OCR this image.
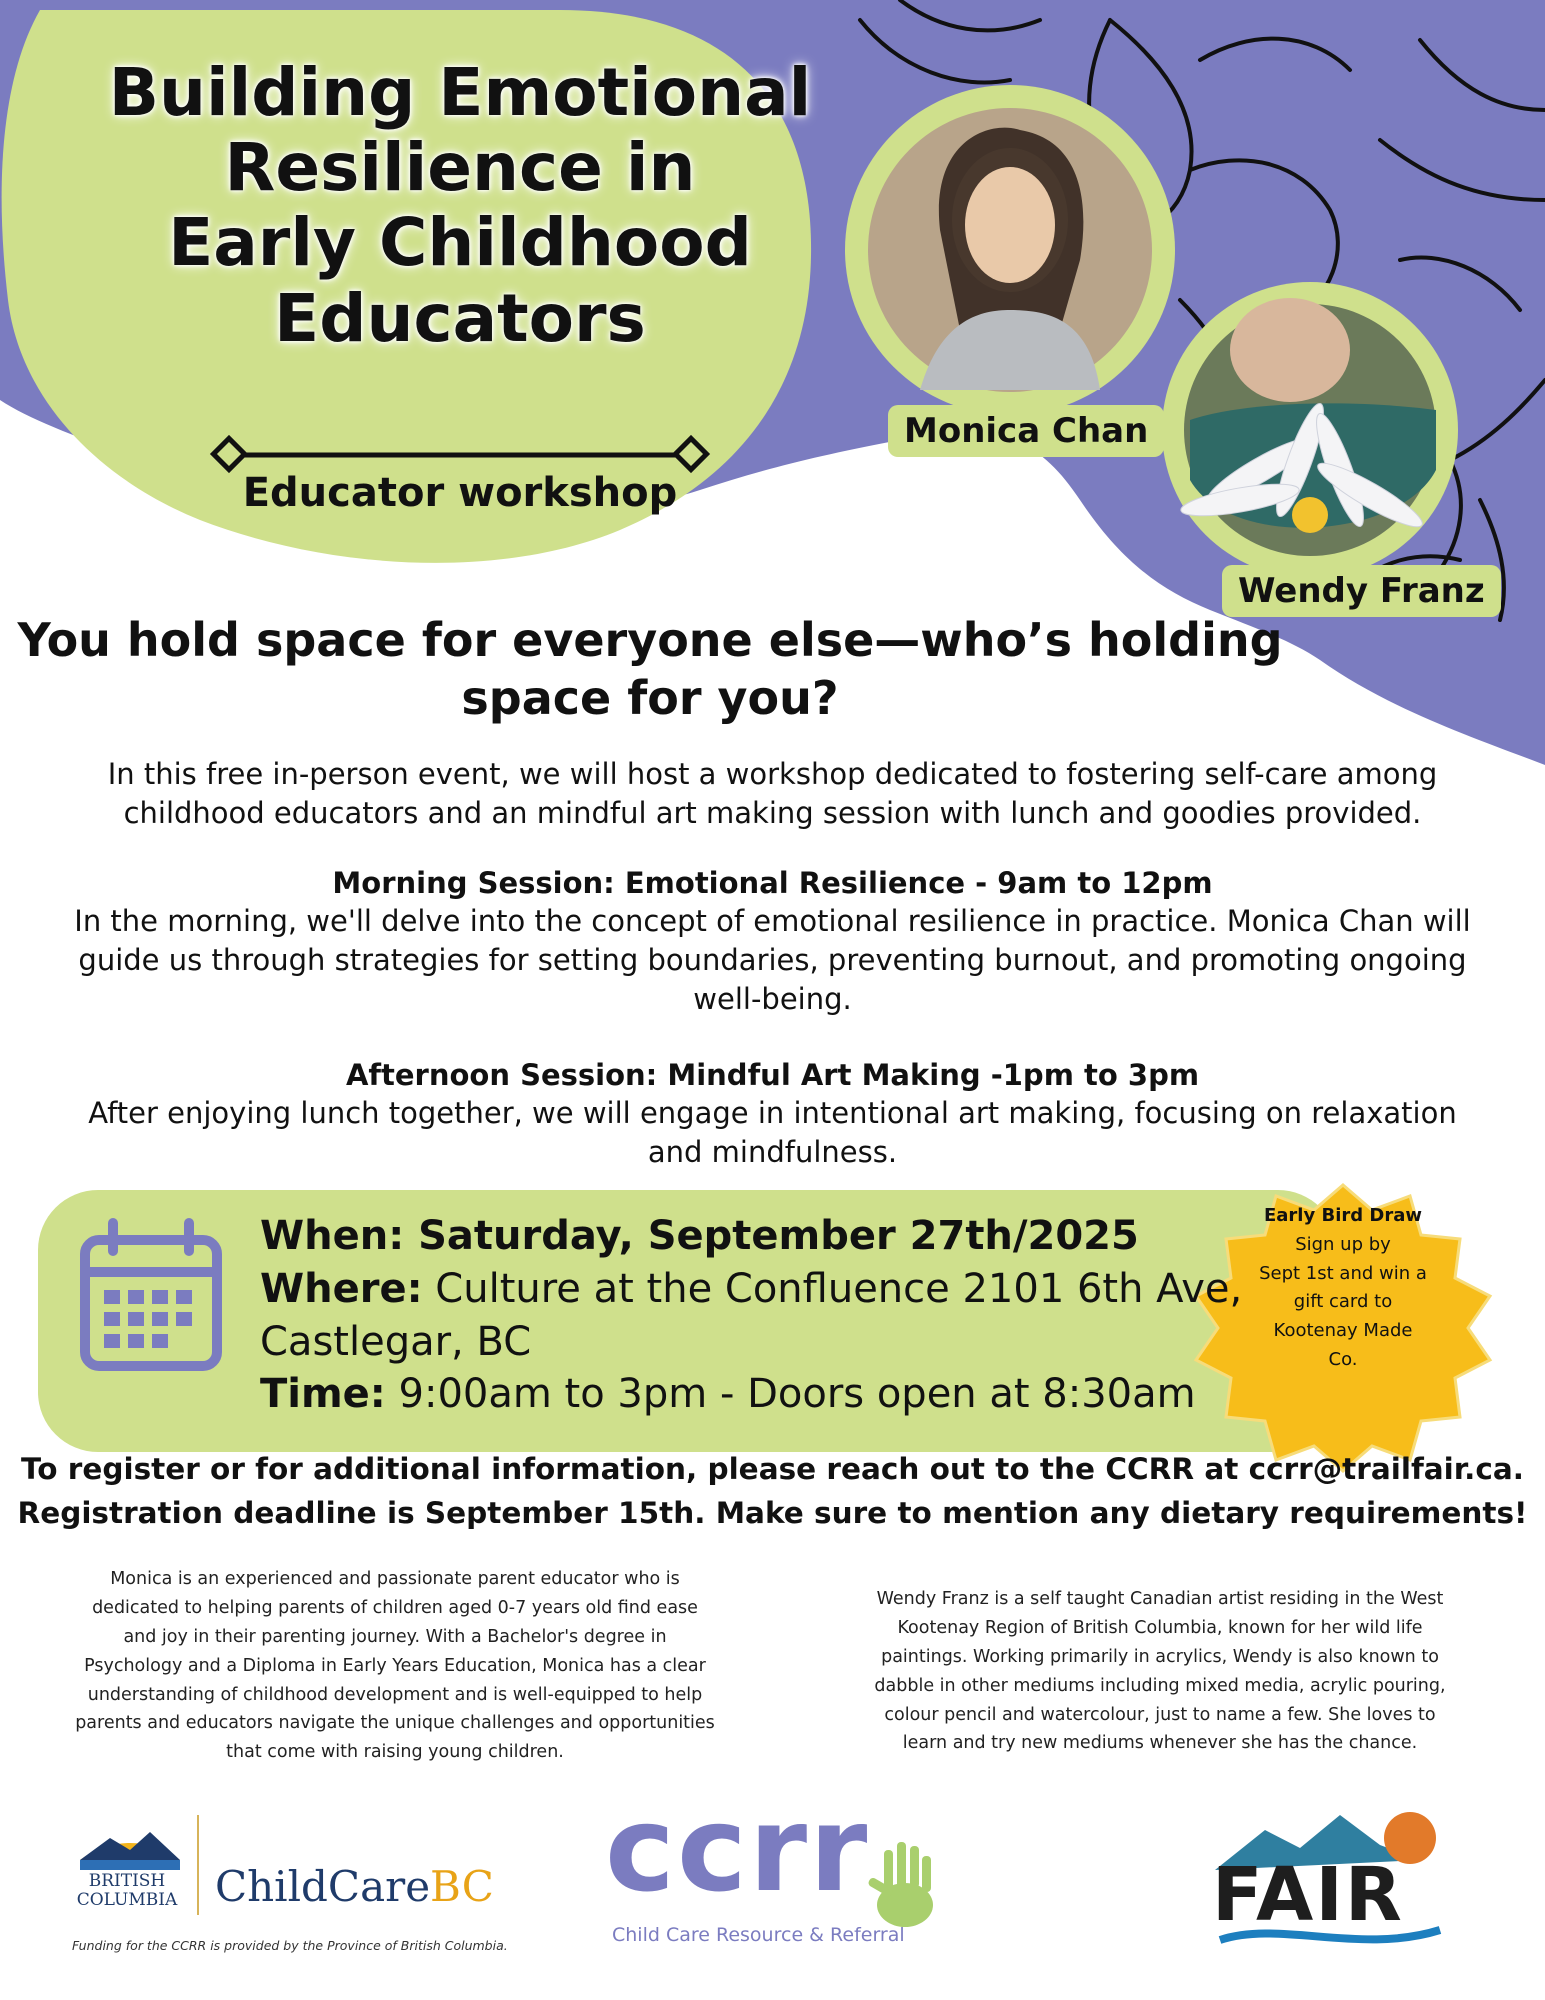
Building Emotional
Resilience in
Early Childhood
Educators
Educator workshop
Monica Chan
Wendy Franz
You hold space for everyone else—who’s holding
space for you?
In this free in-person event, we will host a workshop dedicated to fostering self-care among
childhood educators and an mindful art making session with lunch and goodies provided.
Morning Session: Emotional Resilience - 9am to 12pm
In the morning, we'll delve into the concept of emotional resilience in practice. Monica Chan will
guide us through strategies for setting boundaries, preventing burnout, and promoting ongoing
well-being.
Afternoon Session: Mindful Art Making -1pm to 3pm
After enjoying lunch together, we will engage in intentional art making, focusing on relaxation
and mindfulness.
When: Saturday, September 27th/2025
Where: Culture at the Confluence 2101 6th Ave,
Castlegar, BC
Time: 9:00am to 3pm - Doors open at 8:30am
Early Bird Draw
Sign up by
Sept 1st and win a
gift card to
Kootenay Made
Co.
To register or for additional information, please reach out to the CCRR at ccrr@trailfair.ca.
Registration deadline is September 15th. Make sure to mention any dietary requirements!
Monica is an experienced and passionate parent educator who is
dedicated to helping parents of children aged 0-7 years old find ease
and joy in their parenting journey. With a Bachelor's degree in
Psychology and a Diploma in Early Years Education, Monica has a clear
understanding of childhood development and is well-equipped to help
parents and educators navigate the unique challenges and opportunities
that come with raising young children.
Wendy Franz is a self taught Canadian artist residing in the West
Kootenay Region of British Columbia, known for her wild life
paintings. Working primarily in acrylics, Wendy is also known to
dabble in other mediums including mixed media, acrylic pouring,
colour pencil and watercolour, just to name a few. She loves to
learn and try new mediums whenever she has the chance.
BRITISH
COLUMBIA ChildCareBC
Funding for the CCRR is provided by the Province of British Columbia.
ccrr
Child Care Resource & Referral	FAIR
